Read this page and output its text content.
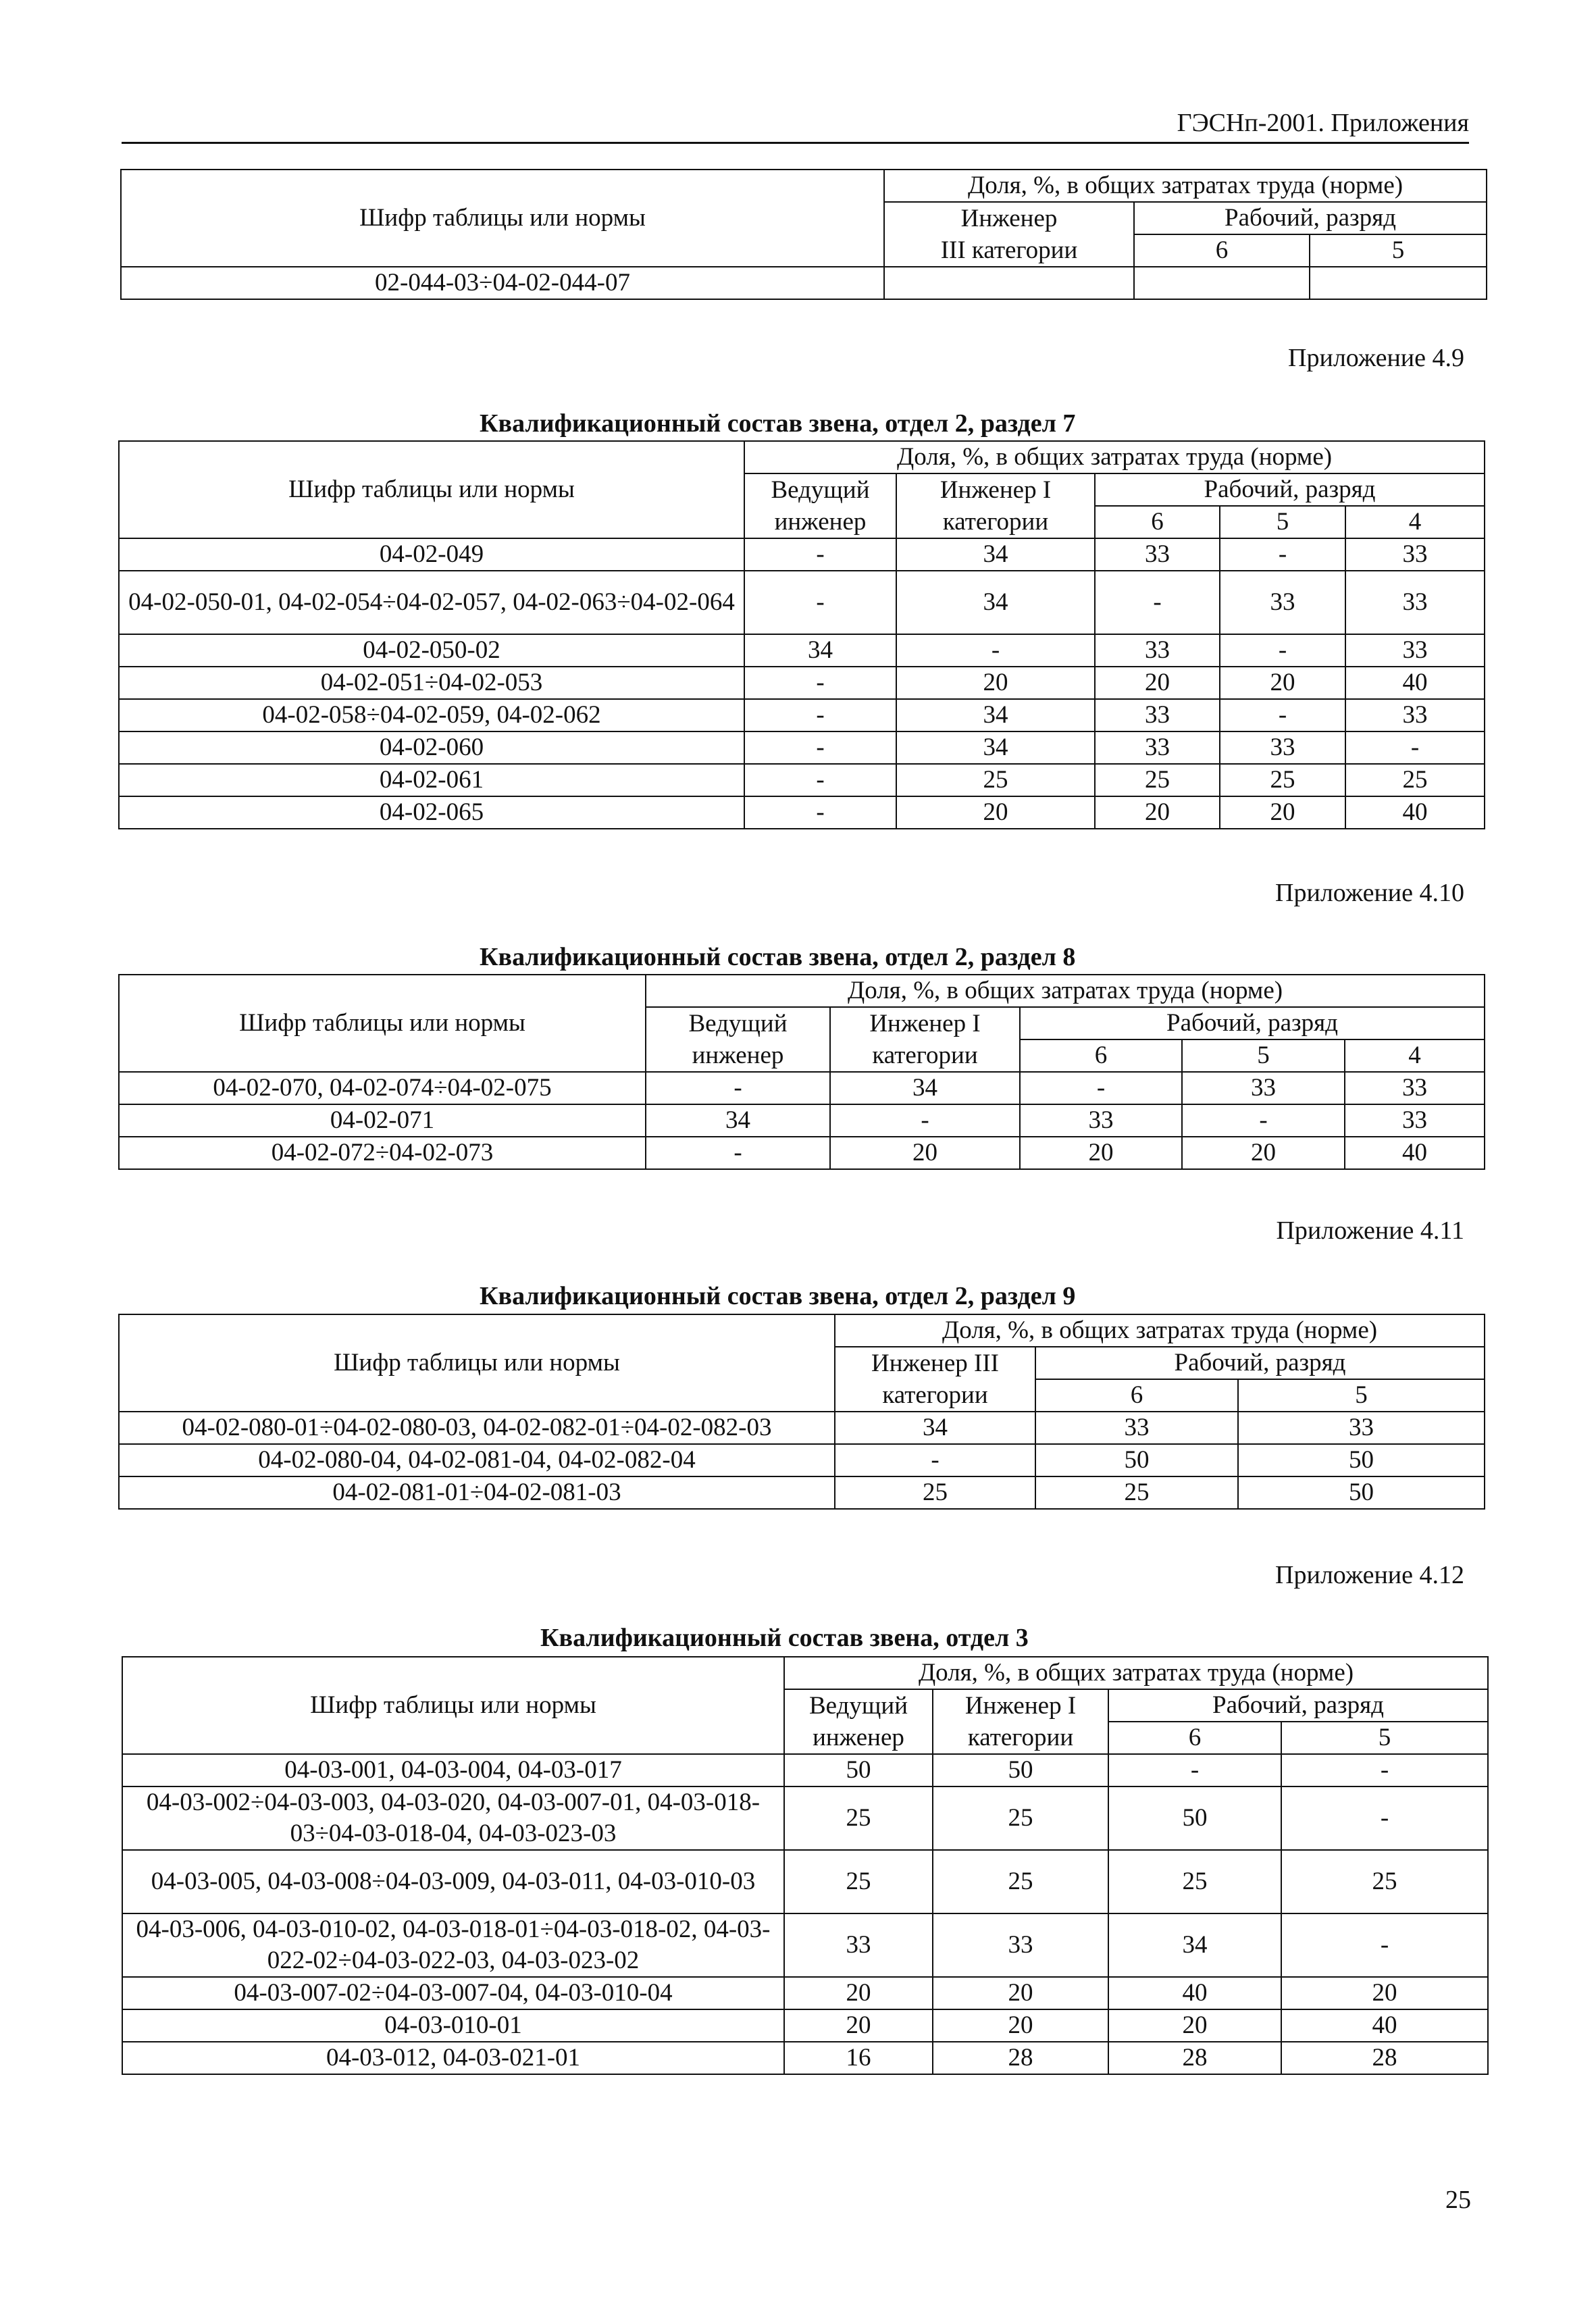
ГЭСНп-2001. Приложения
Шифр таблицы или нормы	Доля, %, в общих затратах труда (норме)		
	Инженер	Рабочий, разряд	
	III категории	6	5
02-044-03÷04-02-044-07			
Приложение 4.9
Квалификационный состав звена, отдел 2, раздел 7
Шифр таблицы или нормы	Доля, %, в общих затратах труда (норме)				
	Ведущий	Инженер I	Рабочий, разряд		
	инженер	категории	6	5	4
04-02-049	-	34	33	-	33
04-02-050-01, 04-02-054÷04-02-057, 04-02-063÷04-02-064	-	34	-	33	33
04-02-050-02	34	-	33	-	33
04-02-051÷04-02-053	-	20	20	20	40
04-02-058÷04-02-059, 04-02-062	-	34	33	-	33
04-02-060	-	34	33	33	-
04-02-061	-	25	25	25	25
04-02-065	-	20	20	20	40
Приложение 4.10
Квалификационный состав звена, отдел 2, раздел 8
Шифр таблицы или нормы	Доля, %, в общих затратах труда (норме)				
	Ведущий	Инженер I	Рабочий, разряд		
	инженер	категории	6	5	4
04-02-070, 04-02-074÷04-02-075	-	34	-	33	33
04-02-071	34	-	33	-	33
04-02-072÷04-02-073	-	20	20	20	40
Приложение 4.11
Квалификационный состав звена, отдел 2, раздел 9
Шифр таблицы или нормы	Доля, %, в общих затратах труда (норме)		
	Инженер III	Рабочий, разряд	
	категории	6	5
04-02-080-01÷04-02-080-03, 04-02-082-01÷04-02-082-03	34	33	33
04-02-080-04, 04-02-081-04, 04-02-082-04	-	50	50
04-02-081-01÷04-02-081-03	25	25	50
Приложение 4.12
Квалификационный состав звена, отдел 3
Шифр таблицы или нормы	Доля, %, в общих затратах труда (норме)			
	Ведущий	Инженер I	Рабочий, разряд	
	инженер	категории	6	5
04-03-001, 04-03-004, 04-03-017	50	50	-	-
04-03-002÷04-03-003, 04-03-020, 04-03-007-01, 04-03-018-03÷04-03-018-04, 04-03-023-03	25	25	50	-
04-03-005, 04-03-008÷04-03-009, 04-03-011, 04-03-010-03	25	25	25	25
04-03-006, 04-03-010-02, 04-03-018-01÷04-03-018-02, 04-03-022-02÷04-03-022-03, 04-03-023-02	33	33	34	-
04-03-007-02÷04-03-007-04, 04-03-010-04	20	20	40	20
04-03-010-01	20	20	20	40
04-03-012, 04-03-021-01	16	28	28	28
25
